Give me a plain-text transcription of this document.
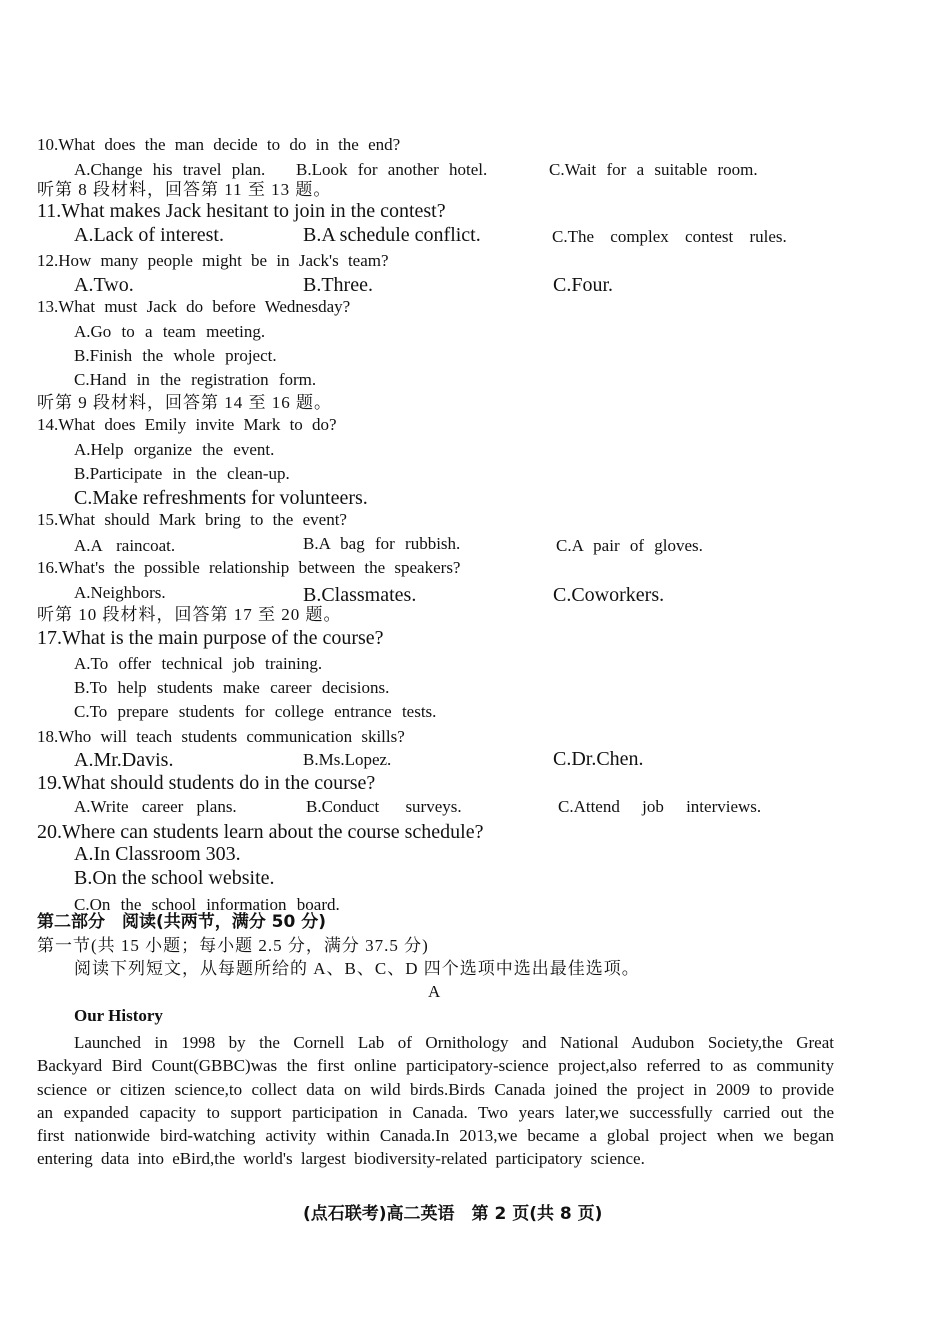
10.What does the man decide to do in the end?
A.Change his travel plan. B.Look for another hotel.	C.Wait for a suitable room.
听第 8 段材料，回答第 11 至 13 题。
11.What makes Jack hesitant to join in the contest?
A.Lack of interest.	B.A schedule conflict.	C.The complex contest rules.
12.How many people might be in Jack's team?
A.Two.	B.Three.	C.Four.
13.What must Jack do before Wednesday?
A.Go to a team meeting.
B.Finish the whole project.
C.Hand in the registration form.
听第 9 段材料，回答第 14 至 16 题。
14.What does Emily invite Mark to do?
A.Help organize the event.
B.Participate in the clean-up.
C.Make refreshments for volunteers.
15.What should Mark bring to the event?
A.A raincoat.	B.A bag for rubbish.	C.A pair of gloves.
16.What's the possible relationship between the speakers?
A.Neighbors.	B.Classmates.	C.Coworkers.
听第 10 段材料，回答第 17 至 20 题。
17.What is the main purpose of the course?
A.To offer technical job training.
B.To help students make career decisions.
C.To prepare students for college entrance tests.
18.Who will teach students communication skills?
A.Mr.Davis.	B.Ms.Lopez.	C.Dr.Chen.
19.What should students do in the course?
A.Write career plans.	B.Conduct surveys.	C.Attend job interviews.
20.Where can students learn about the course schedule?
A.In Classroom 303.
B.On the school website.
C.On the school information board.
第二部分　阅读(共两节，满分 50 分)
第一节(共 15 小题；每小题 2.5 分，满分 37.5 分)
阅读下列短文，从每题所给的 A、B、C、D 四个选项中选出最佳选项。
A
Our History
Launched in 1998 by the Cornell Lab of Ornithology and National Audubon Society,the Great Backyard Bird Count(GBBC)was the first online participatory-science project,also referred to as community science or citizen science,to collect data on wild birds.Birds Canada joined the project in 2009 to provide an expanded capacity to support participation in Canada. Two years later,we successfully carried out the first nationwide bird-watching activity within Canada.In 2013,we became a global project when we began entering data into eBird,the world's largest biodiversity-related participatory science.
(点石联考)高二英语　第 2 页(共 8 页)
